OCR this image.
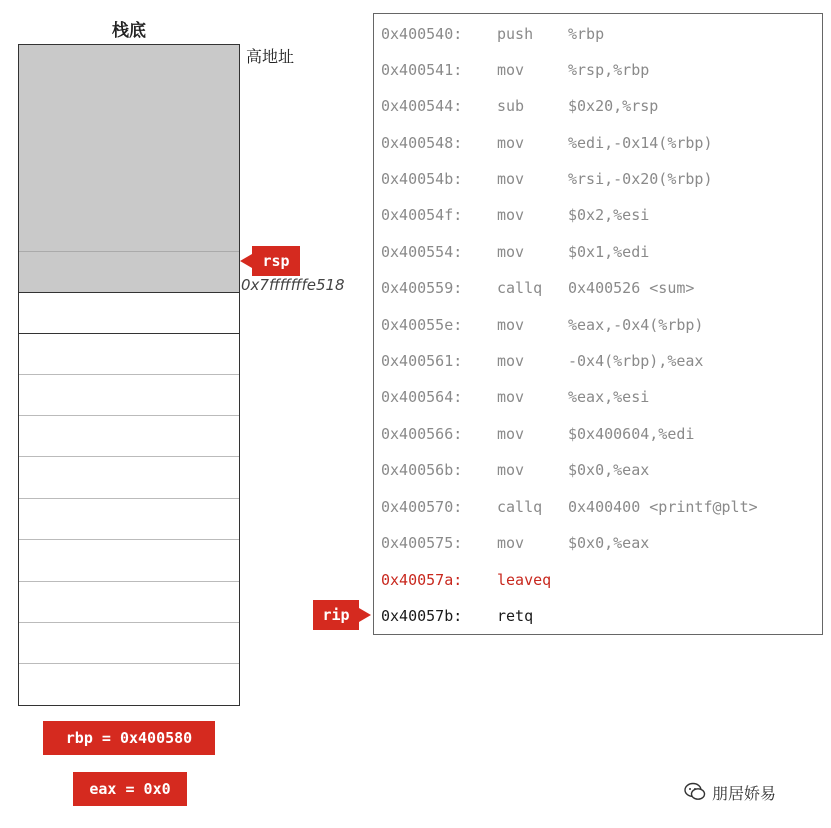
栈底
高地址
rsp
0x7fffffffe518
0x400540: push %rbp
0x400541: mov	%rsp,%rbp
0x400544: sub	$0x20,%rsp
0x400548: mov	%edi,-0x14(%rbp)
0x40054b: mov	%rsi,-0x20(%rbp)
0x40054f: mov	$0x2,%esi
0x400554: mov	$0x1,%edi
0x400559: callq 0x400526 <sum>
0x40055e: mov	%eax,-0x4(%rbp)
0x400561: mov	-0x4(%rbp),%eax
0x400564: mov	%eax,%esi
0x400566: mov	$0x400604,%edi
0x40056b: mov	$0x0,%eax
0x400570: callq 0x400400 <printf@plt>
0x400575: mov	$0x0,%eax
0x40057a: leaveq
0x40057b: retq
rip
rbp = 0x400580
eax = 0x0	朋居娇易
